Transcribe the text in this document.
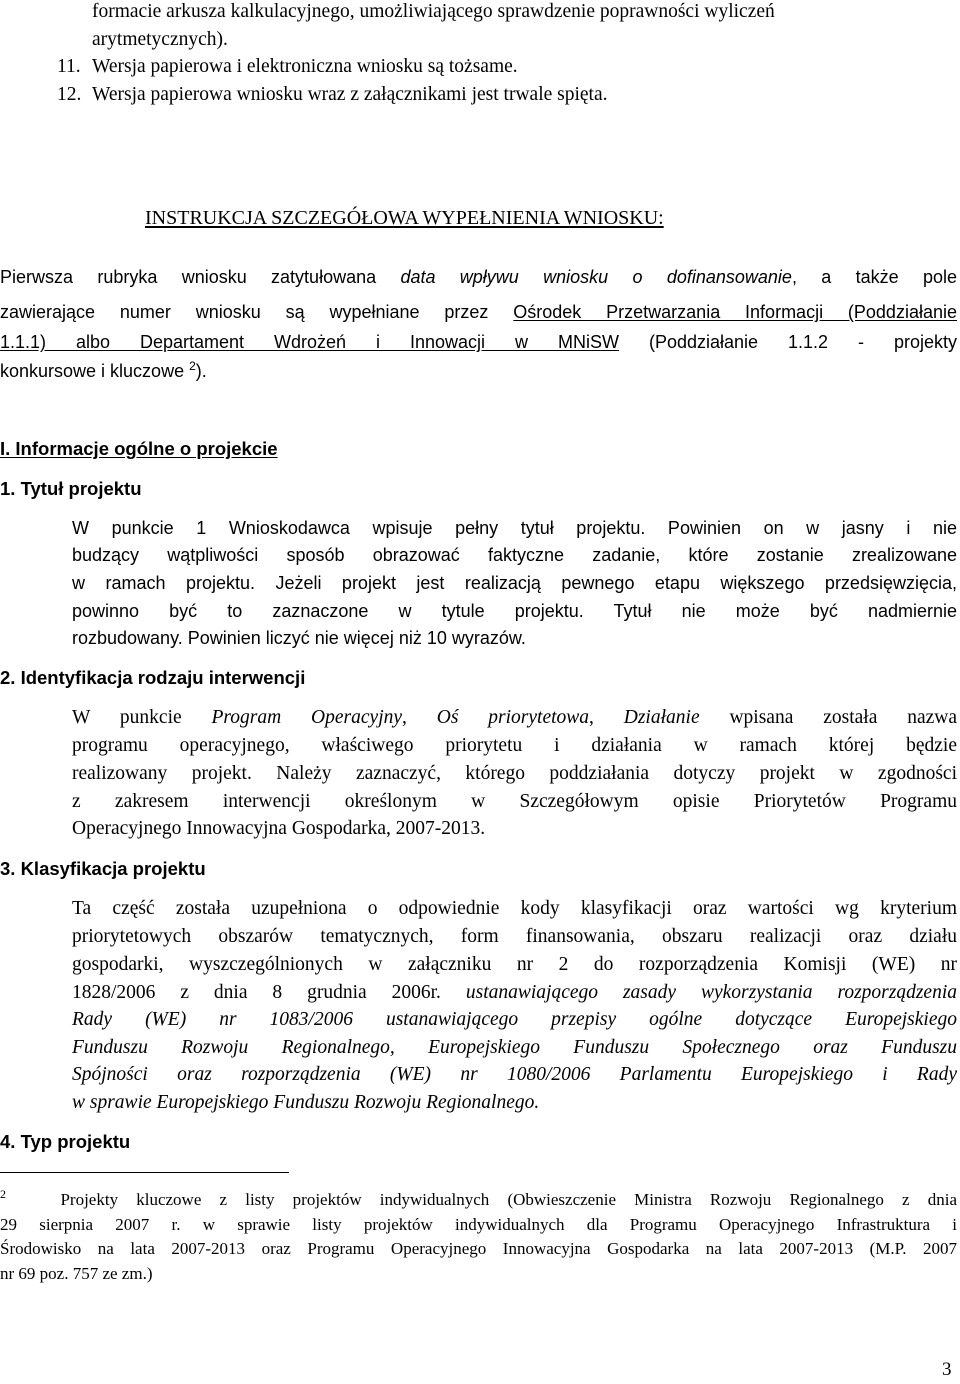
formacie arkusza kalkulacyjnego, umożliwiającego sprawdzenie poprawności wyliczeń
arytmetycznych).
11. Wersja papierowa i elektroniczna wniosku są tożsame.
12. Wersja papierowa wniosku wraz z załącznikami jest trwale spięta.
INSTRUKCJA SZCZEGÓŁOWA WYPEŁNIENIA WNIOSKU:
Pierwsza rubryka wniosku zatytułowana data wpływu wniosku o dofinansowanie, a także pole
zawierające numer wniosku są wypełniane przez Ośrodek Przetwarzania Informacji (Poddziałanie
1.1.1) albo Departament Wdrożeń i Innowacji w MNiSW (Poddziałanie 1.1.2 - projekty
konkursowe i kluczowe $^2$).
I. Informacje ogólne o projekcie
1. Tytuł projektu
W punkcie 1 Wnioskodawca wpisuje pełny tytuł projektu. Powinien on w jasny i nie
budzący wątpliwości sposób obrazować faktyczne zadanie, które zostanie zrealizowane
w ramach projektu. Jeżeli projekt jest realizacją pewnego etapu większego przedsięwzięcia,
powinno być to zaznaczone w tytule projektu. Tytuł nie może być nadmiernie
rozbudowany. Powinien liczyć nie więcej niż 10 wyrazów.
2. Identyfikacja rodzaju interwencji
W punkcie Program Operacyjny, Oś priorytetowa, Działanie wpisana została nazwa
programu operacyjnego, właściwego priorytetu i działania w ramach której będzie
realizowany projekt. Należy zaznaczyć, którego poddziałania dotyczy projekt w zgodności
z zakresem interwencji określonym w Szczegółowym opisie Priorytetów Programu
Operacyjnego Innowacyjna Gospodarka, 2007-2013.
3. Klasyfikacja projektu
Ta część została uzupełniona o odpowiednie kody klasyfikacji oraz wartości wg kryterium
priorytetowych obszarów tematycznych, form finansowania, obszaru realizacji oraz działu
gospodarki, wyszczególnionych w załączniku nr 2 do rozporządzenia Komisji (WE) nr
1828/2006 z dnia 8 grudnia 2006r. ustanawiającego zasady wykorzystania rozporządzenia
Rady (WE) nr 1083/2006 ustanawiającego przepisy ogólne dotyczące Europejskiego
Funduszu Rozwoju Regionalnego, Europejskiego Funduszu Społecznego oraz Funduszu
Spójności oraz rozporządzenia (WE) nr 1080/2006 Parlamentu Europejskiego i Rady
w sprawie Europejskiego Funduszu Rozwoju Regionalnego.
4. Typ projektu
$^2$	Projekty kluczowe z listy projektów indywidualnych (Obwieszczenie Ministra Rozwoju Regionalnego z dnia
29 sierpnia 2007 r. w sprawie listy projektów indywidualnych dla Programu Operacyjnego Infrastruktura i
Środowisko na lata 2007-2013 oraz Programu Operacyjnego Innowacyjna Gospodarka na lata 2007-2013 (M.P. 2007
nr 69 poz. 757 ze zm.)
3
